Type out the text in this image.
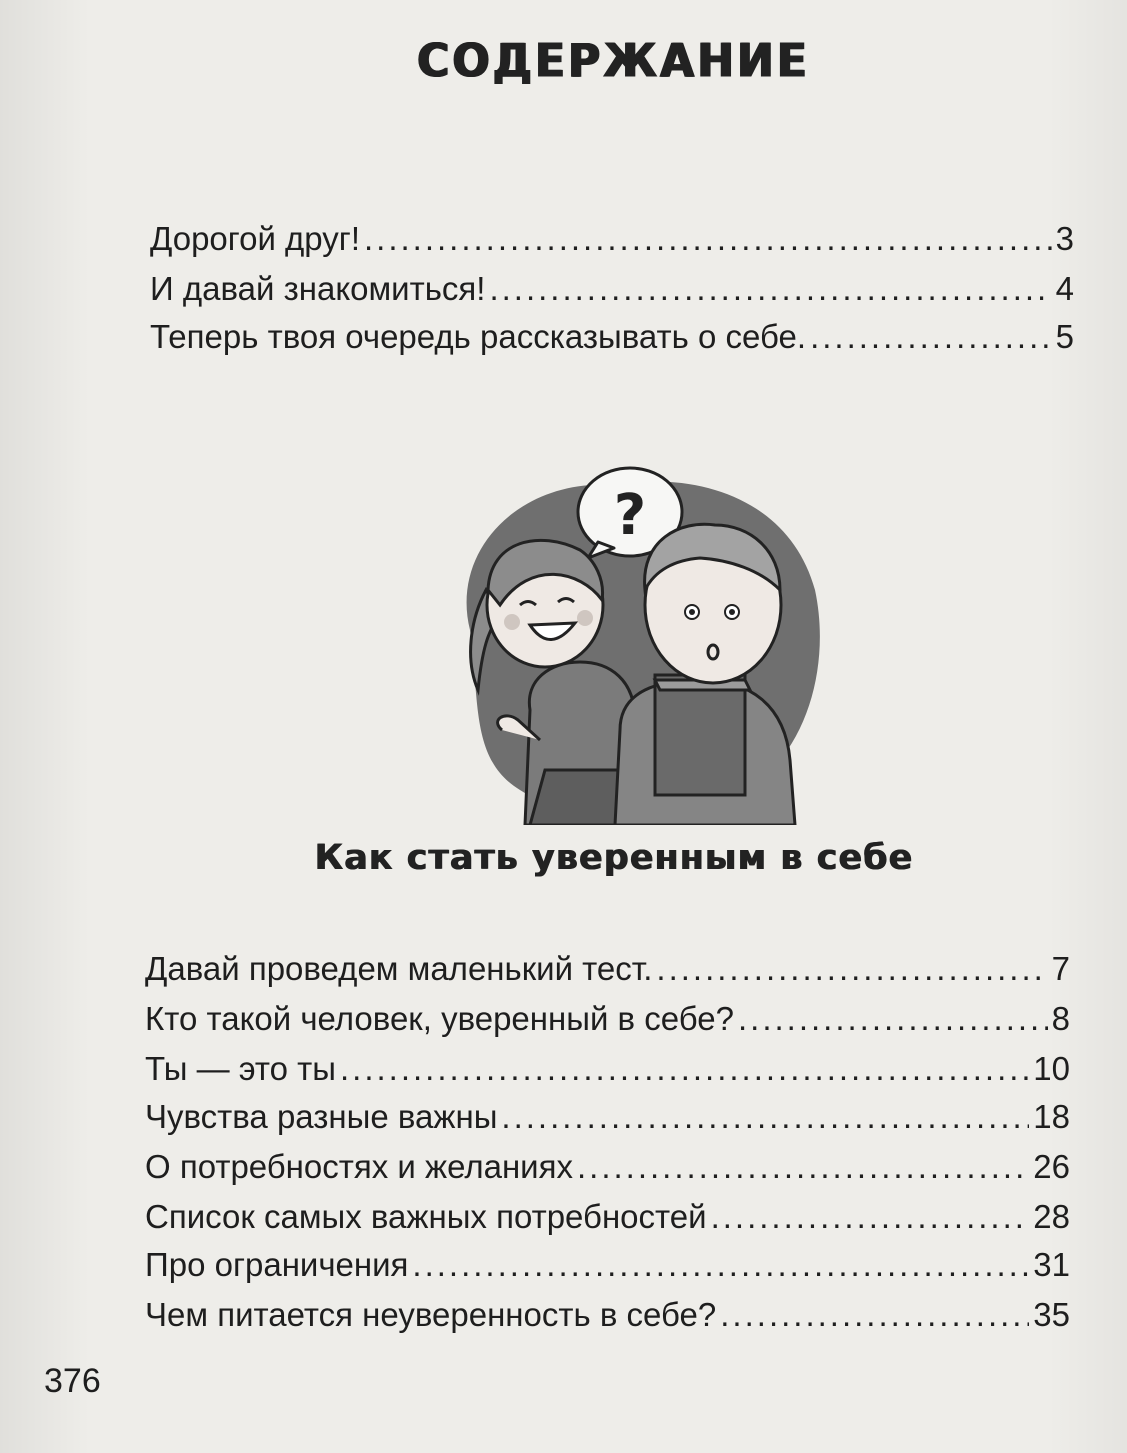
СОДЕРЖАНИЕ
Дорогой друг! .....	3
И давай знакомиться! .....	4
Теперь твоя очередь рассказывать о себе. .....	5
?
Как стать уверенным в себе
Давай проведем маленький тест. .....	7
Кто такой человек, уверенный в себе? .....	8
Ты — это ты .....	10
Чувства разные важны .....	18
О потребностях и желаниях .....	26
Список самых важных потребностей .....	28
Про ограничения .....	31
Чем питается неуверенность в себе? .....	35
376
